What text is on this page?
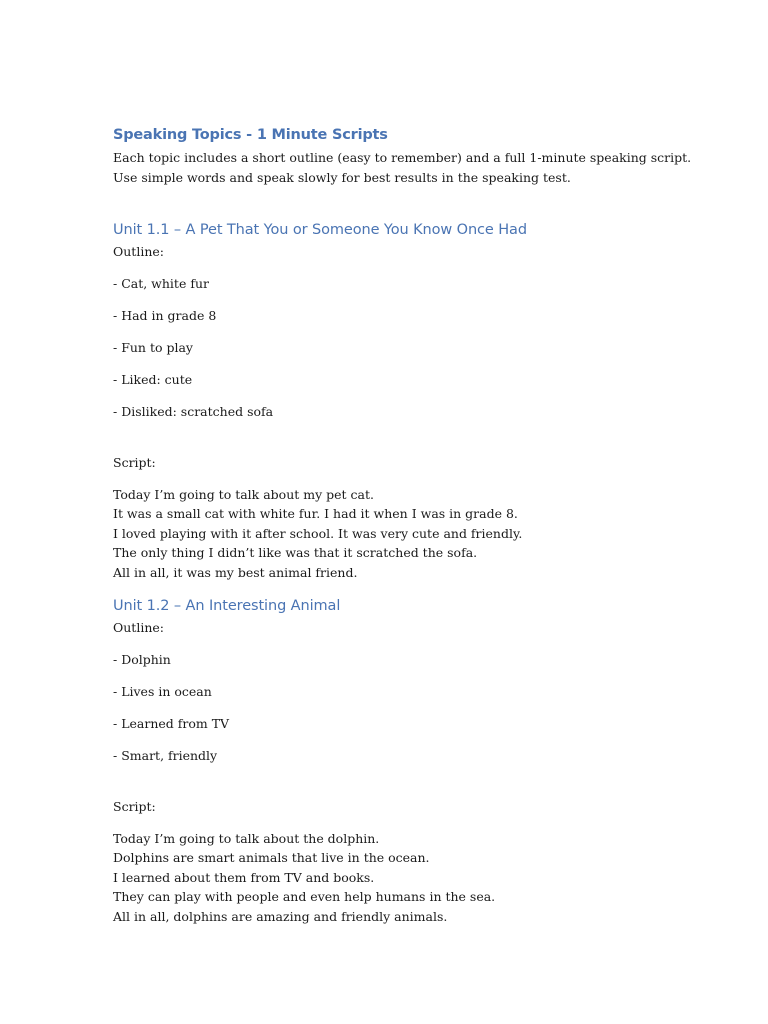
Speaking Topics - 1 Minute Scripts

Each topic includes a short outline (easy to remember) and a full 1-minute speaking script.

Use simple words and speak slowly for best results in the speaking test.

Unit 1.1 – A Pet That You or Someone You Know Once Had

Outline:

- Cat, white fur

- Had in grade 8

- Fun to play

- Liked: cute

- Disliked: scratched sofa

Script:

Today I’m going to talk about my pet cat.

It was a small cat with white fur. I had it when I was in grade 8.

I loved playing with it after school. It was very cute and friendly.

The only thing I didn’t like was that it scratched the sofa.

All in all, it was my best animal friend.

Unit 1.2 – An Interesting Animal

Outline:

- Dolphin

- Lives in ocean

- Learned from TV

- Smart, friendly

Script:

Today I’m going to talk about the dolphin.

Dolphins are smart animals that live in the ocean.

I learned about them from TV and books.

They can play with people and even help humans in the sea.

All in all, dolphins are amazing and friendly animals.
